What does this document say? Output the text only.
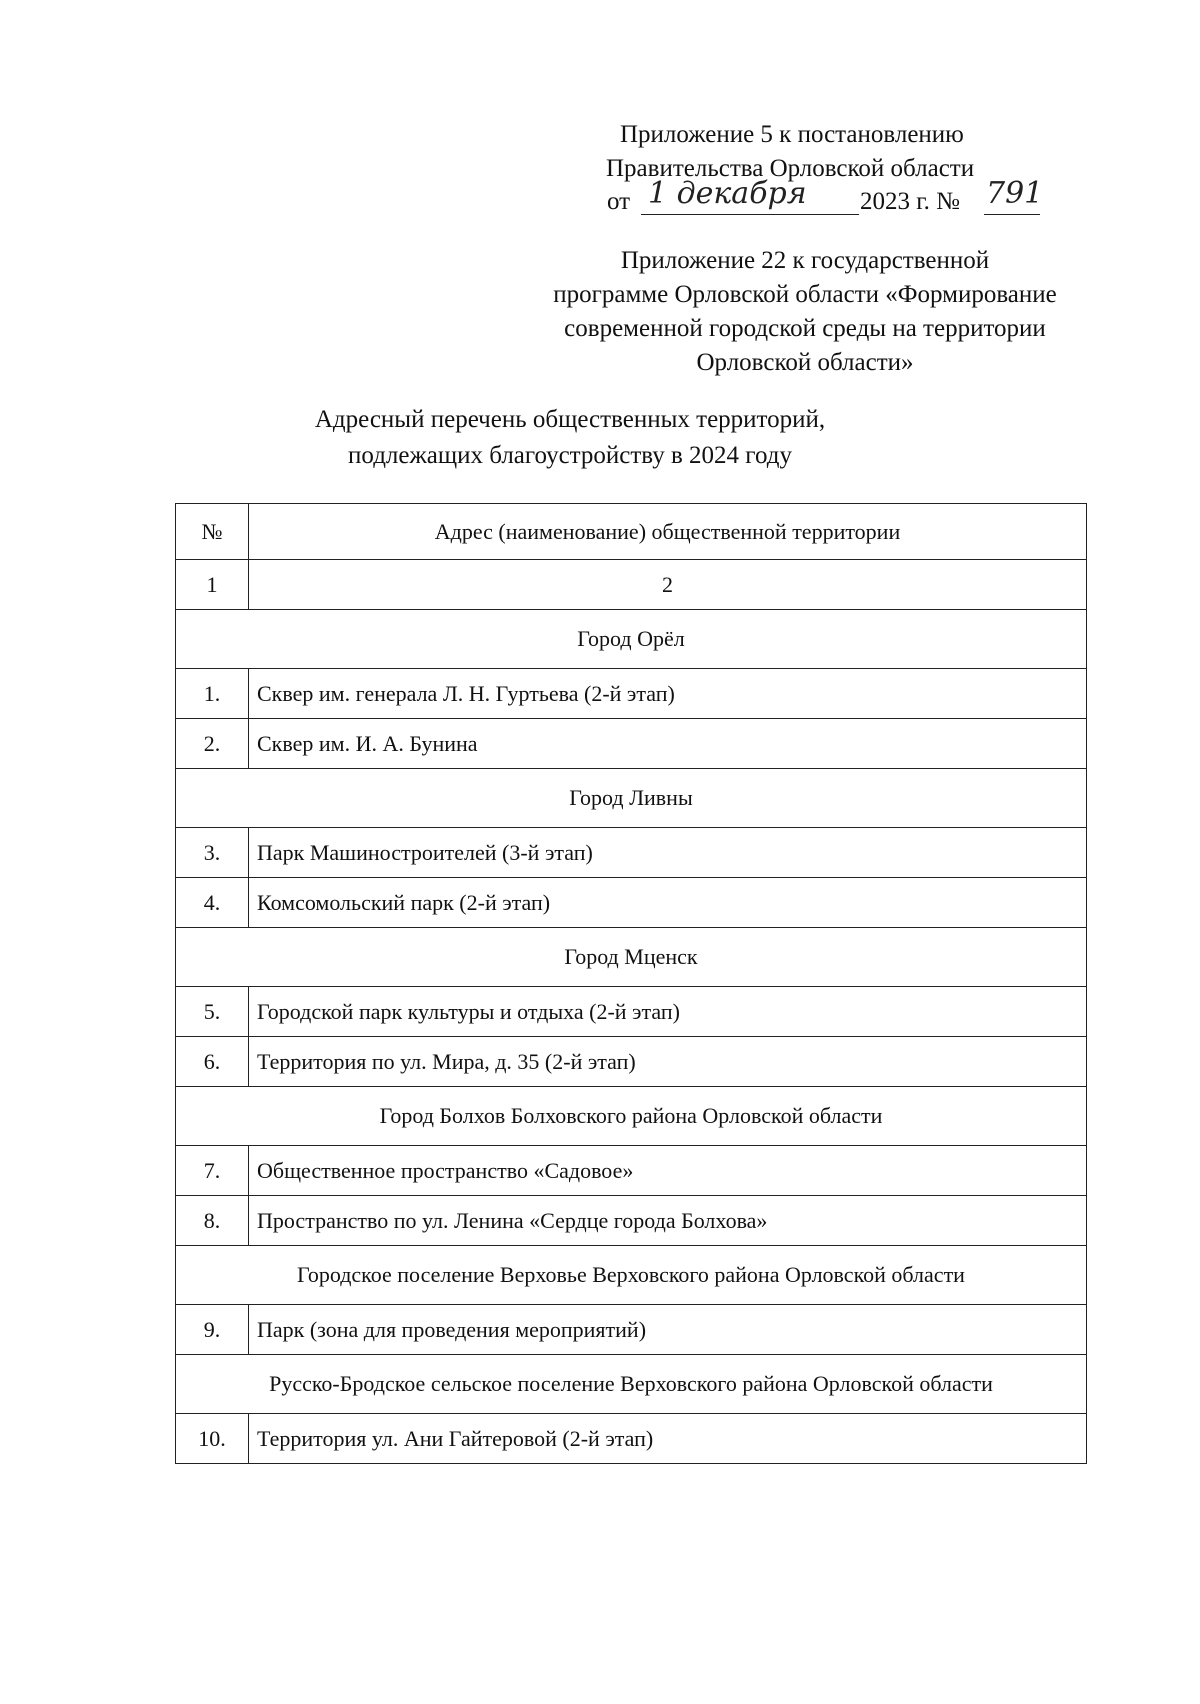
Приложение 5 к постановлению
Правительства Орловской области
от 1 декабря 2023 г. № 791
Приложение 22 к государственной
программе Орловской области «Формирование
современной городской среды на территории
Орловской области»
Адресный перечень общественных территорий,
подлежащих благоустройству в 2024 году
№	Адрес (наименование) общественной территории
1	2
Город Орёл	
1.	Сквер им. генерала Л. Н. Гуртьева (2-й этап)
2.	Сквер им. И. А. Бунина
Город Ливны	
3.	Парк Машиностроителей (3-й этап)
4.	Комсомольский парк (2-й этап)
Город Мценск	
5.	Городской парк культуры и отдыха (2-й этап)
6.	Территория по ул. Мира, д. 35 (2-й этап)
Город Болхов Болховского района Орловской области	
7.	Общественное пространство «Садовое»
8.	Пространство по ул. Ленина «Сердце города Болхова»
Городское поселение Верховье Верховского района Орловской области	
9.	Парк (зона для проведения мероприятий)
Русско-Бродское сельское поселение Верховского района Орловской области	
10.	Территория ул. Ани Гайтеровой (2-й этап)
